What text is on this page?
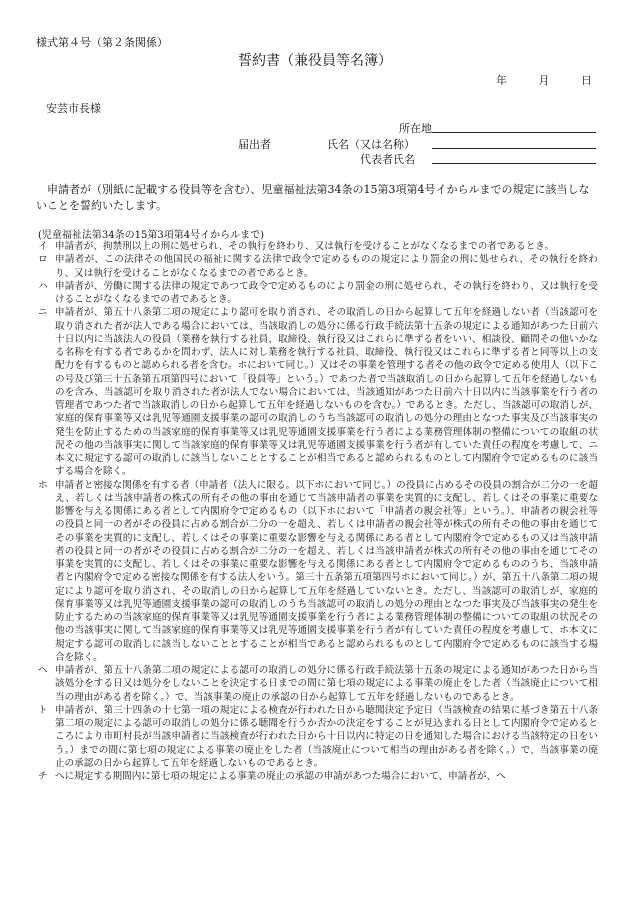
様式第４号（第２条関係）
誓約書（兼役員等名簿）
年	月	日
安芸市長様
所在地
届出者	氏名（又は名称）
代表者氏名
申請者が（別紙に記載する役員等を含む）、児童福祉法第34条の15第3項第4号イからルまでの規定に該当しないことを誓約いたします。
(児童福祉法第34条の15第3項第4号イからルまで)
イ 申請者が、拘禁刑以上の刑に処せられ、その執行を終わり、又は執行を受けることがなくなるまでの者であるとき。
ロ 申請者が、この法律その他国民の福祉に関する法律で政令で定めるものの規定により罰金の刑に処せられ、その執行を終わり、又は執行を受けることがなくなるまでの者であるとき。
ハ 申請者が、労働に関する法律の規定であつて政令で定めるものにより罰金の刑に処せられ、その執行を終わり、又は執行を受けることがなくなるまでの者であるとき。
ニ 申請者が、第五十八条第二項の規定により認可を取り消され、その取消しの日から起算して五年を経過しない者（当該認可を取り消された者が法人である場合においては、当該取消しの処分に係る行政手続法第十五条の規定による通知があつた日前六十日以内に当該法人の役員（業務を執行する社員、取締役、執行役又はこれらに準ずる者をいい、相談役、顧問その他いかなる名称を有する者であるかを問わず、法人に対し業務を執行する社員、取締役、執行役又はこれらに準ずる者と同等以上の支配力を有するものと認められる者を含む。ホにおいて同じ。）又はその事業を管理する者その他の政令で定める使用人（以下この号及び第三十五条第五項第四号において「役員等」という。）であつた者で当該取消しの日から起算して五年を経過しないものを含み、当該認可を取り消された者が法人でない場合においては、当該通知があつた日前六十日以内に当該事業を行う者の管理者であつた者で当該取消しの日から起算して五年を経過しないものを含む。）であるとき。ただし、当該認可の取消しが、家庭的保育事業等又は乳児等通園支援事業の認可の取消しのうち当該認可の取消しの処分の理由となつた事実及び当該事実の発生を防止するための当該家庭的保育事業等又は乳児等通園支援事業を行う者による業務管理体制の整備についての取組の状況その他の当該事実に関して当該家庭的保育事業等又は乳児等通園支援事業を行う者が有していた責任の程度を考慮して、ニ本文に規定する認可の取消しに該当しないこととすることが相当であると認められるものとして内閣府令で定めるものに該当する場合を除く。
ホ 申請者と密接な関係を有する者（申請者（法人に限る。以下ホにおいて同じ。）の役員に占めるその役員の割合が二分の一を超え、若しくは当該申請者の株式の所有その他の事由を通じて当該申請者の事業を実質的に支配し、若しくはその事業に重要な影響を与える関係にある者として内閣府令で定めるもの（以下ホにおいて「申請者の親会社等」という。）、申請者の親会社等の役員と同一の者がその役員に占める割合が二分の一を超え、若しくは申請者の親会社等が株式の所有その他の事由を通じてその事業を実質的に支配し、若しくはその事業に重要な影響を与える関係にある者として内閣府令で定めるもの又は当該申請者の役員と同一の者がその役員に占める割合が二分の一を超え、若しくは当該申請者が株式の所有その他の事由を通じてその事業を実質的に支配し、若しくはその事業に重要な影響を与える関係にある者として内閣府令で定めるもののうち、当該申請者と内閣府令で定める密接な関係を有する法人をいう。第三十五条第五項第四号ホにおいて同じ。）が、第五十八条第二項の規定により認可を取り消され、その取消しの日から起算して五年を経過していないとき。ただし、当該認可の取消しが、家庭的保育事業等又は乳児等通園支援事業の認可の取消しのうち当該認可の取消しの処分の理由となつた事実及び当該事実の発生を防止するための当該家庭的保育事業等又は乳児等通園支援事業を行う者による業務管理体制の整備についての取組の状況その他の当該事実に関して当該家庭的保育事業等又は乳児等通園支援事業を行う者が有していた責任の程度を考慮して、ホ本文に規定する認可の取消しに該当しないこととすることが相当であると認められるものとして内閣府令で定めるものに該当する場合を除く。
ヘ 申請者が、第五十八条第二項の規定による認可の取消しの処分に係る行政手続法第十五条の規定による通知があつた日から当該処分をする日又は処分をしないことを決定する日までの間に第七項の規定による事業の廃止をした者（当該廃止について相当の理由がある者を除く。）で、当該事業の廃止の承認の日から起算して五年を経過しないものであるとき。
ト 申請者が、第三十四条の十七第一項の規定による検査が行われた日から聴聞決定予定日（当該検査の結果に基づき第五十八条第二項の規定による認可の取消しの処分に係る聴聞を行うか否かの決定をすることが見込まれる日として内閣府令で定めるところにより市町村長が当該申請者に当該検査が行われた日から十日以内に特定の日を通知した場合における当該特定の日をいう。）までの間に第七項の規定による事業の廃止をした者（当該廃止について相当の理由がある者を除く。）で、当該事業の廃止の承認の日から起算して五年を経過しないものであるとき。
チ へに規定する期間内に第七項の規定による事業の廃止の承認の申請があつた場合において、申請者が、へ
